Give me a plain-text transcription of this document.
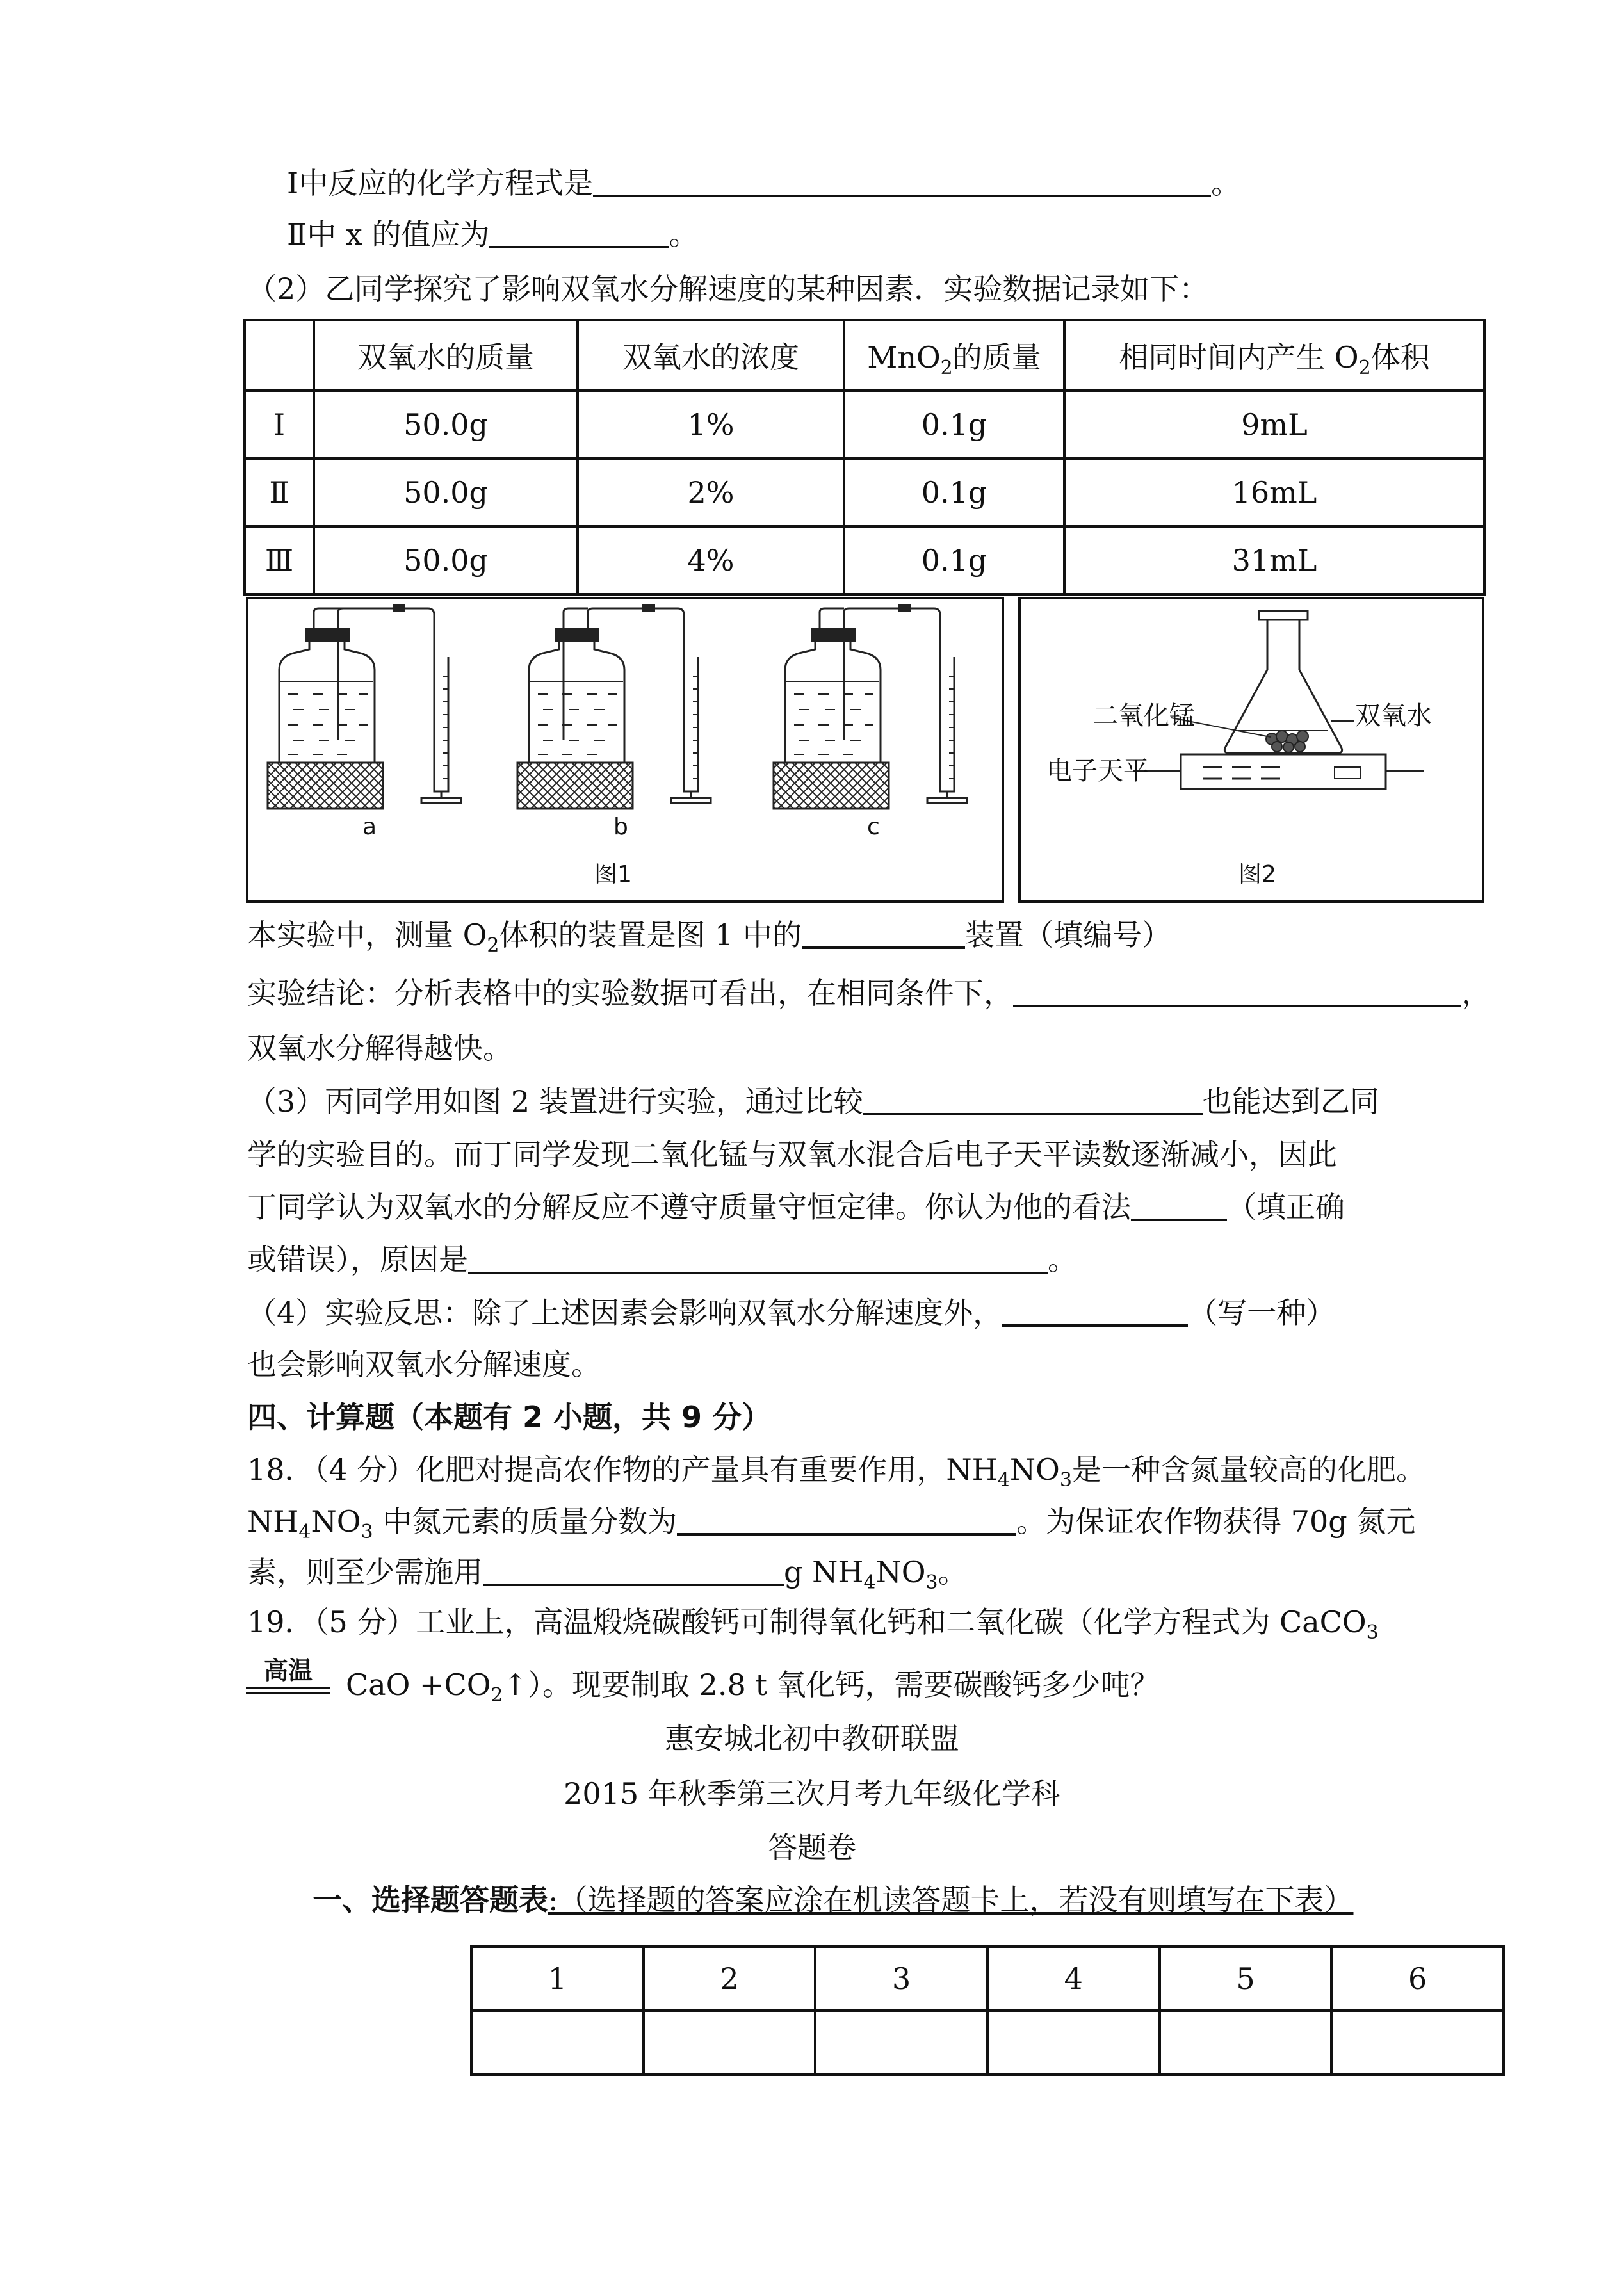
Ⅰ中反应的化学方程式是	。
Ⅱ中 x 的值应为	。
（2）乙同学探究了影响双氧水分解速度的某种因素．实验数据记录如下：
	双氧水的质量	双氧水的浓度	MnO$_2$的质量	相同时间内产生 $O_2$体积
Ⅰ	50.0g	1%	0.1g	9mL
Ⅱ	50.0g	2%	0.1g	16mL
Ⅲ	50.0g	4%	0.1g	31mL
a	b	c
图1
二氧化锰	双氧水
电子天平
图2
本实验中，测量 $O_2$体积的装置是图 1 中的	装置（填编号）
实验结论：分析表格中的实验数据可看出，在相同条件下，	，
双氧水分解得越快。
（3）丙同学用如图 2 装置进行实验，通过比较	也能达到乙同
学的实验目的。而丁同学发现二氧化锰与双氧水混合后电子天平读数逐渐减小，因此
丁同学认为双氧水的分解反应不遵守质量守恒定律。你认为他的看法	（填正确
或错误），原因是	。
（4）实验反思：除了上述因素会影响双氧水分解速度外，	（写一种）
也会影响双氧水分解速度。
四、计算题（本题有 2 小题，共 9 分）
18．（4 分）化肥对提高农作物的产量具有重要作用，$NH_4NO_3$是一种含氮量较高的化肥。
$NH_4NO_3$ 中氮元素的质量分数为	。为保证农作物获得 70g 氮元
素，则至少需施用	g $NH_4NO_3$。
19．（5 分）工业上，高温煅烧碳酸钙可制得氧化钙和二氧化碳（化学方程式为 CaCO$_3$
高温	CaO $+CO_2↑$）。现要制取 2.8 t 氧化钙，需要碳酸钙多少吨？
惠安城北初中教研联盟
2015 年秋季第三次月考九年级化学科
答题卷
一、选择题答题表:（选择题的答案应涂在机读答题卡上，若没有则填写在下表）
1	2	3	4	5	6
